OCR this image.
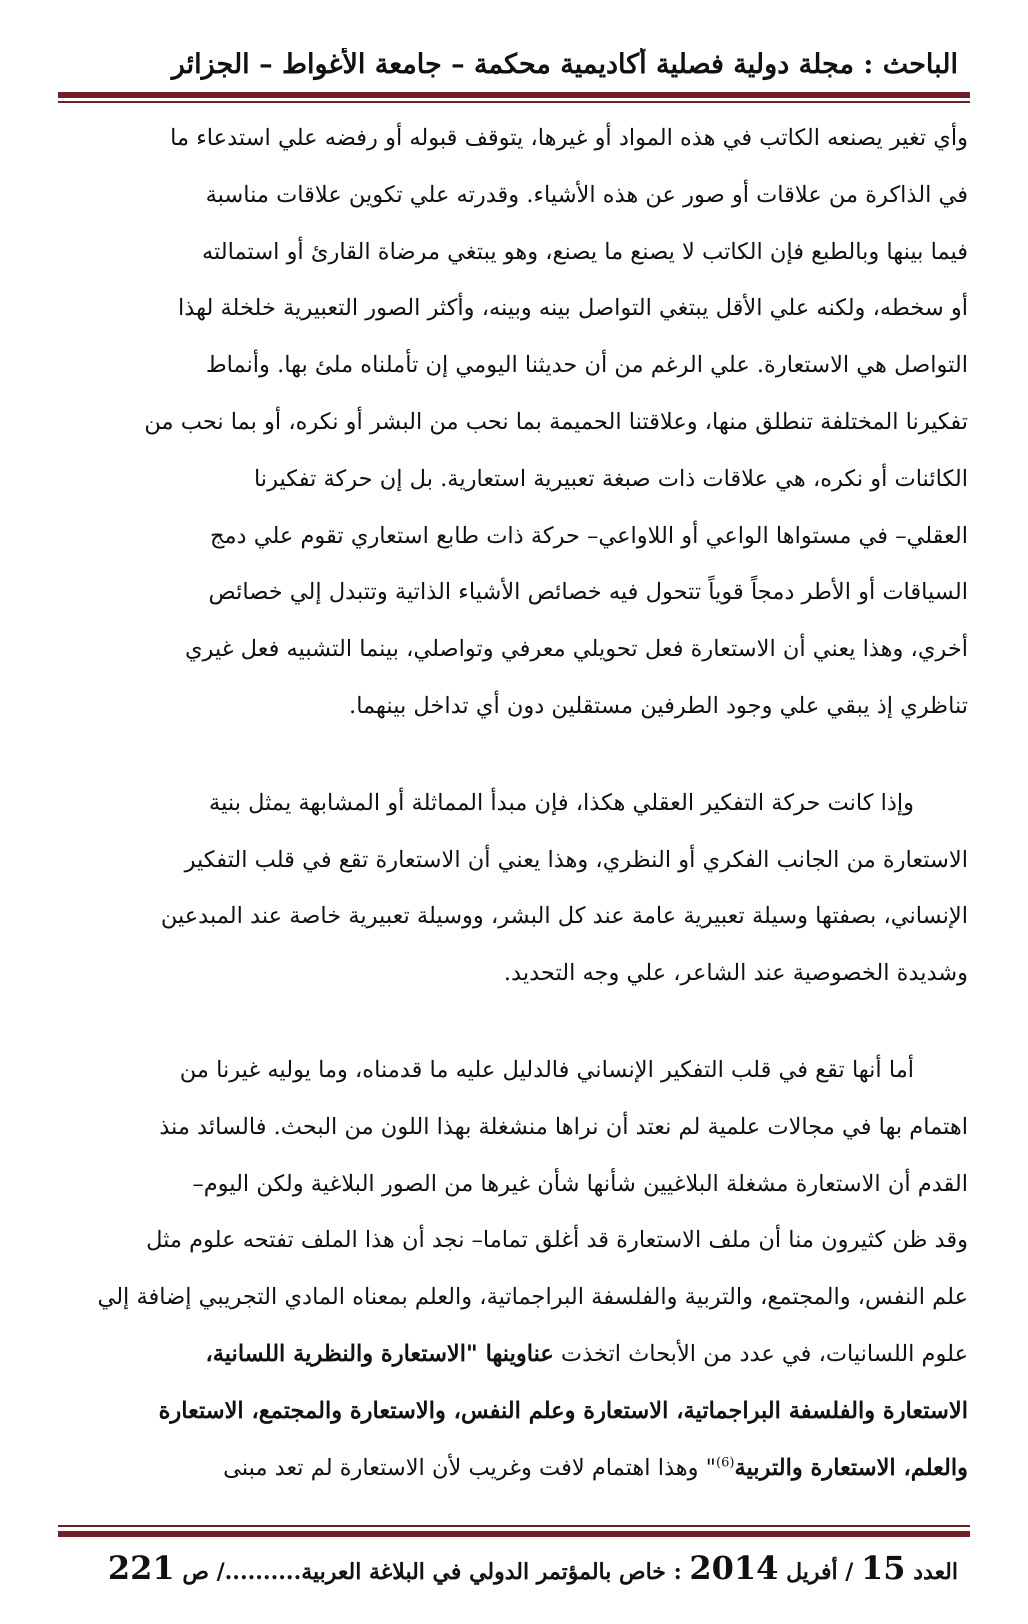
الباحث : مجلة دولية فصلية أكاديمية محكمة – جامعة الأغواط – الجزائر
وأي تغير يصنعه الكاتب في هذه المواد أو غيرها، يتوقف قبوله أو رفضه علي استدعاء ما
في الذاكرة من علاقات أو صور عن هذه الأشياء. وقدرته علي تكوين علاقات مناسبة
فيما بينها وبالطبع فإن الكاتب لا يصنع ما يصنع، وهو يبتغي مرضاة القارئ أو استمالته
أو سخطه، ولكنه علي الأقل يبتغي التواصل بينه وبينه، وأكثر الصور التعبيرية خلخلة لهذا
التواصل هي الاستعارة. علي الرغم من أن حديثنا اليومي إن تأملناه ملئ بها. وأنماط
تفكيرنا المختلفة تنطلق منها، وعلاقتنا الحميمة بما نحب من البشر أو نكره، أو بما نحب من
الكائنات أو نكره، هي علاقات ذات صبغة تعبيرية استعارية. بل إن حركة تفكيرنا
العقلي– في مستواها الواعي أو اللاواعي– حركة ذات طابع استعاري تقوم علي دمج
السياقات أو الأطر دمجاً قوياً تتحول فيه خصائص الأشياء الذاتية وتتبدل إلي خصائص
أخري، وهذا يعني أن الاستعارة فعل تحويلي معرفي وتواصلي، بينما التشبيه فعل غيري
تناظري إذ يبقي علي وجود الطرفين مستقلين دون أي تداخل بينهما.
وإذا كانت حركة التفكير العقلي هكذا، فإن مبدأ المماثلة أو المشابهة يمثل بنية
الاستعارة من الجانب الفكري أو النظري، وهذا يعني أن الاستعارة تقع في قلب التفكير
الإنساني، بصفتها وسيلة تعبيرية عامة عند كل البشر، ووسيلة تعبيرية خاصة عند المبدعين
وشديدة الخصوصية عند الشاعر، علي وجه التحديد.
أما أنها تقع في قلب التفكير الإنساني فالدليل عليه ما قدمناه، وما يوليه غيرنا من
اهتمام بها في مجالات علمية لم نعتد أن نراها منشغلة بهذا اللون من البحث. فالسائد منذ
القدم أن الاستعارة مشغلة البلاغيين شأنها شأن غيرها من الصور البلاغية ولكن اليوم–
وقد ظن كثيرون منا أن ملف الاستعارة قد أغلق تماما– نجد أن هذا الملف تفتحه علوم مثل
علم النفس، والمجتمع، والتربية والفلسفة البراجماتية، والعلم بمعناه المادي التجريبي إضافة إلي
علوم اللسانيات، في عدد من الأبحاث اتخذت عناوينها "الاستعارة والنظرية اللسانية،
الاستعارة والفلسفة البراجماتية، الاستعارة وعلم النفس، والاستعارة والمجتمع، الاستعارة
والعلم، الاستعارة والتربية$^{(6)}$" وهذا اهتمام لافت وغريب لأن الاستعارة لم تعد مبنى
العدد 15 / أفريل 2014 : خاص بالمؤتمر الدولي في البلاغة العربية........../ ص 221
